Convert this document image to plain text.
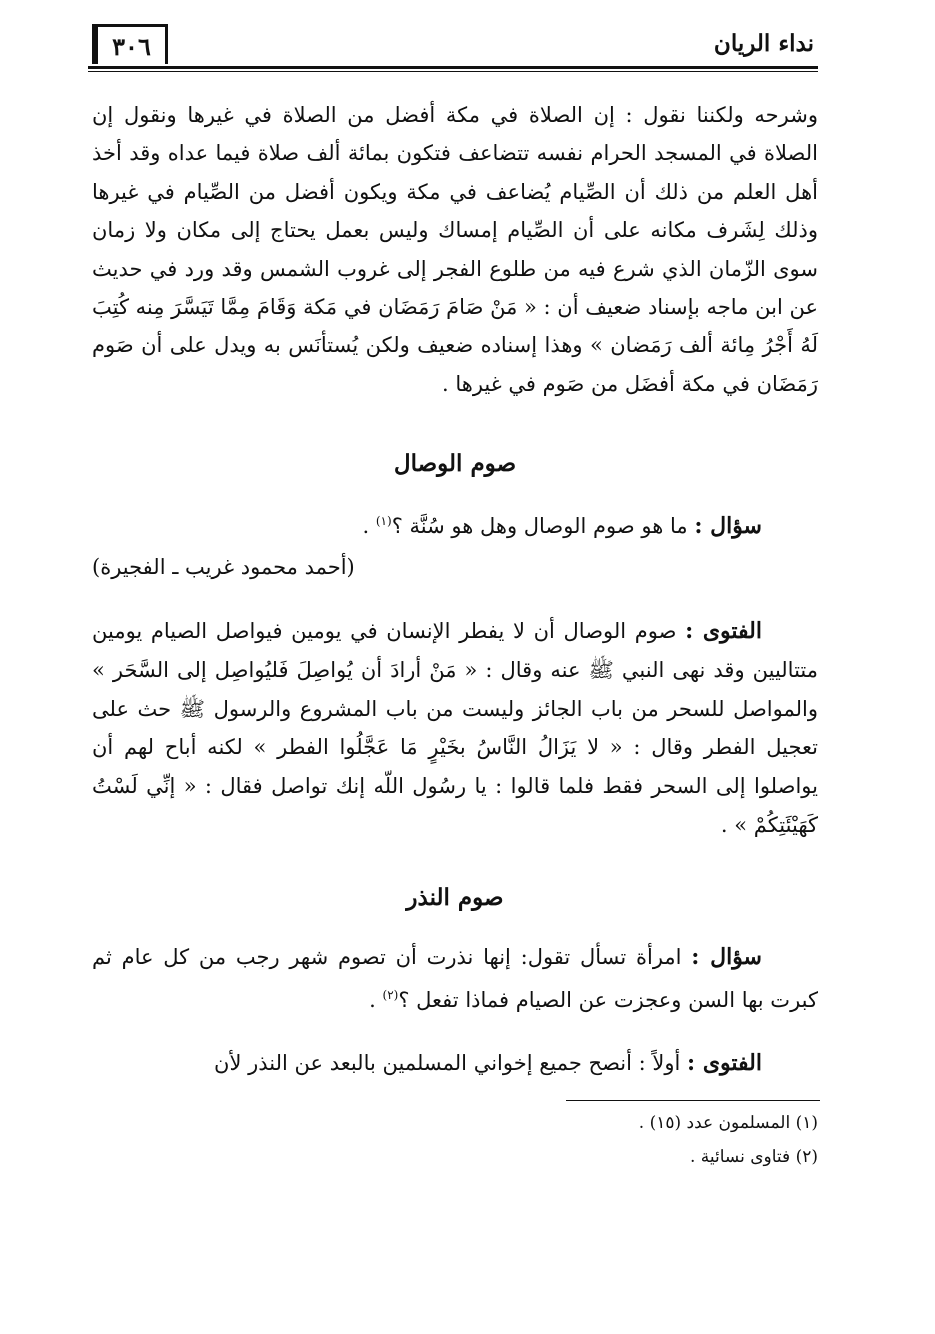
نداء الريان
٣٠٦
وشرحه ولكننا نقول : إن الصلاة في مكة أفضل من الصلاة في غيرها ونقول إن الصلاة في المسجد الحرام نفسه تتضاعف فتكون بمائة ألف صلاة فيما عداه وقد أخذ أهل العلم من ذلك أن الصِّيام يُضاعف في مكة ويكون أفضل من الصِّيام في غيرها وذلك لِشَرف مكانه على أن الصِّيام إمساك وليس بعمل يحتاج إلى مكان ولا زمان سوى الزّمان الذي شرع فيه من طلوع الفجر إلى غروب الشمس وقد ورد في حديث عن ابن ماجه بإسناد ضعيف أن : « مَنْ صَامَ رَمَضَان في مَكة وَقَامَ مِمَّا تَيَسَّرَ مِنه كُتِبَ لَهُ أَجْرُ مِائة ألف رَمَضان » وهذا إسناده ضعيف ولكن يُستأنَس به ويدل على أن صَوم رَمَضَان في مكة أفضَل من صَوم في غيرها .
صوم الوصال
سؤال : ما هو صوم الوصال وهل هو سُنَّة ؟$^{(١)}$ .
(أحمد محمود غريب ـ الفجيرة)
الفتوى : صوم الوصال أن لا يفطر الإنسان في يومين فيواصل الصيام يومين متتاليين وقد نهى النبي ﷺ عنه وقال : « مَنْ أرادَ أن يُواصِلَ فَليُواصِل إلى السَّحَر » والمواصل للسحر من باب الجائز وليست من باب المشروع والرسول ﷺ حث على تعجيل الفطر وقال : « لا يَزَالُ النَّاسُ بخَيْرٍ مَا عَجَّلُوا الفطر » لكنه أباح لهم أن يواصلوا إلى السحر فقط فلما قالوا : يا رسُول اللّه إنك تواصل فقال : « إنِّي لَسْتُ كَهَيْئَتِكُمْ » .
صوم النذر
سؤال : امرأة تسأل تقول: إنها نذرت أن تصوم شهر رجب من كل عام ثم كبرت بها السن وعجزت عن الصيام فماذا تفعل ؟$^{(٢)}$ .
الفتوى : أولاً : أنصح جميع إخواني المسلمين بالبعد عن النذر لأن
(١) المسلمون عدد (١٥) .
(٢) فتاوى نسائية .
